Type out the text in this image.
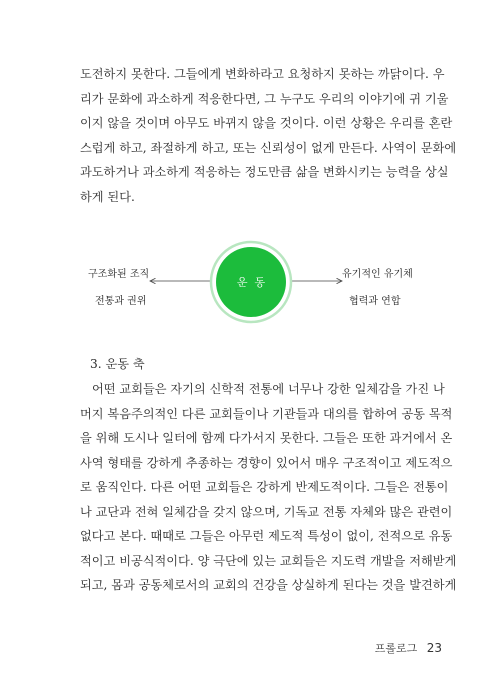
도전하지 못한다. 그들에게 변화하라고 요청하지 못하는 까닭이다. 우
리가 문화에 과소하게 적응한다면, 그 누구도 우리의 이야기에 귀 기울
이지 않을 것이며 아무도 바뀌지 않을 것이다. 이런 상황은 우리를 혼란
스럽게 하고, 좌절하게 하고, 또는 신뢰성이 없게 만든다. 사역이 문화에
과도하거나 과소하게 적응하는 정도만큼 삶을 변화시키는 능력을 상실
하게 된다.
운  동
구조화된 조직
전통과 권위
유기적인 유기체
협력과 연합
3. 운동 축
어떤 교회들은 자기의 신학적 전통에 너무나 강한 일체감을 가진 나
머지 복음주의적인 다른 교회들이나 기관들과 대의를 합하여 공동 목적
을 위해 도시나 일터에 함께 다가서지 못한다. 그들은 또한 과거에서 온
사역 형태를 강하게 추종하는 경향이 있어서 매우 구조적이고 제도적으
로 움직인다. 다른 어떤 교회들은 강하게 반제도적이다. 그들은 전통이
나 교단과 전혀 일체감을 갖지 않으며, 기독교 전통 자체와 많은 관련이
없다고 본다. 때때로 그들은 아무런 제도적 특성이 없이, 전적으로 유동
적이고 비공식적이다. 양 극단에 있는 교회들은 지도력 개발을 저해받게
되고, 몸과 공동체로서의 교회의 건강을 상실하게 된다는 것을 발견하게
프롤로그 23
